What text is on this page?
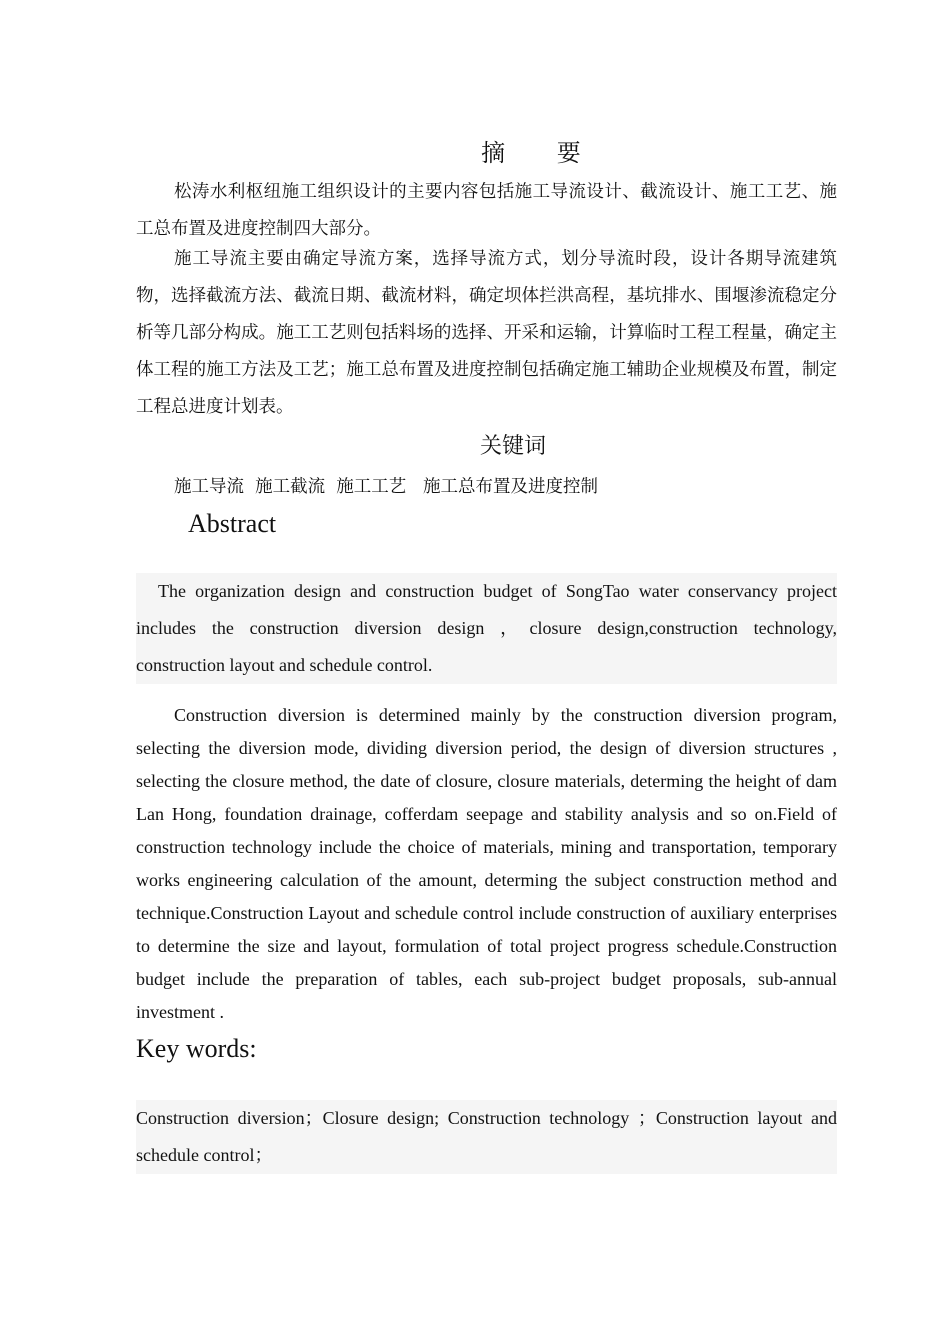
摘 要
松涛水利枢纽施工组织设计的主要内容包括施工导流设计、截流设计、施工工艺、施工总布置及进度控制四大部分。
施工导流主要由确定导流方案，选择导流方式，划分导流时段，设计各期导流建筑物，选择截流方法、截流日期、截流材料，确定坝体拦洪高程，基坑排水、围堰渗流稳定分析等几部分构成。施工工艺则包括料场的选择、开采和运输，计算临时工程工程量，确定主体工程的施工方法及工艺；施工总布置及进度控制包括确定施工辅助企业规模及布置，制定工程总进度计划表。
关键词
施工导流  施工截流  施工工艺   施工总布置及进度控制
Abstract

The organization design and construction budget of SongTao water conservancy project includes the construction diversion design ，closure design,construction technology, construction layout and schedule control.

Construction diversion is determined mainly by the construction diversion program, selecting the diversion mode, dividing diversion period, the design of diversion structures , selecting the closure method, the date of closure, closure materials, determing the height of dam Lan Hong, foundation drainage, cofferdam seepage and stability analysis and so on.Field of construction technology include the choice of materials, mining and transportation, temporary works engineering calculation of the amount, determing the subject construction method and technique.Construction Layout and schedule control include construction of auxiliary enterprises to determine the size and layout, formulation of total project progress schedule.Construction budget include the preparation of tables, each sub-project budget proposals, sub-annual investment .

Key words:

Construction diversion；Closure design; Construction technology ；Construction layout and schedule control；
